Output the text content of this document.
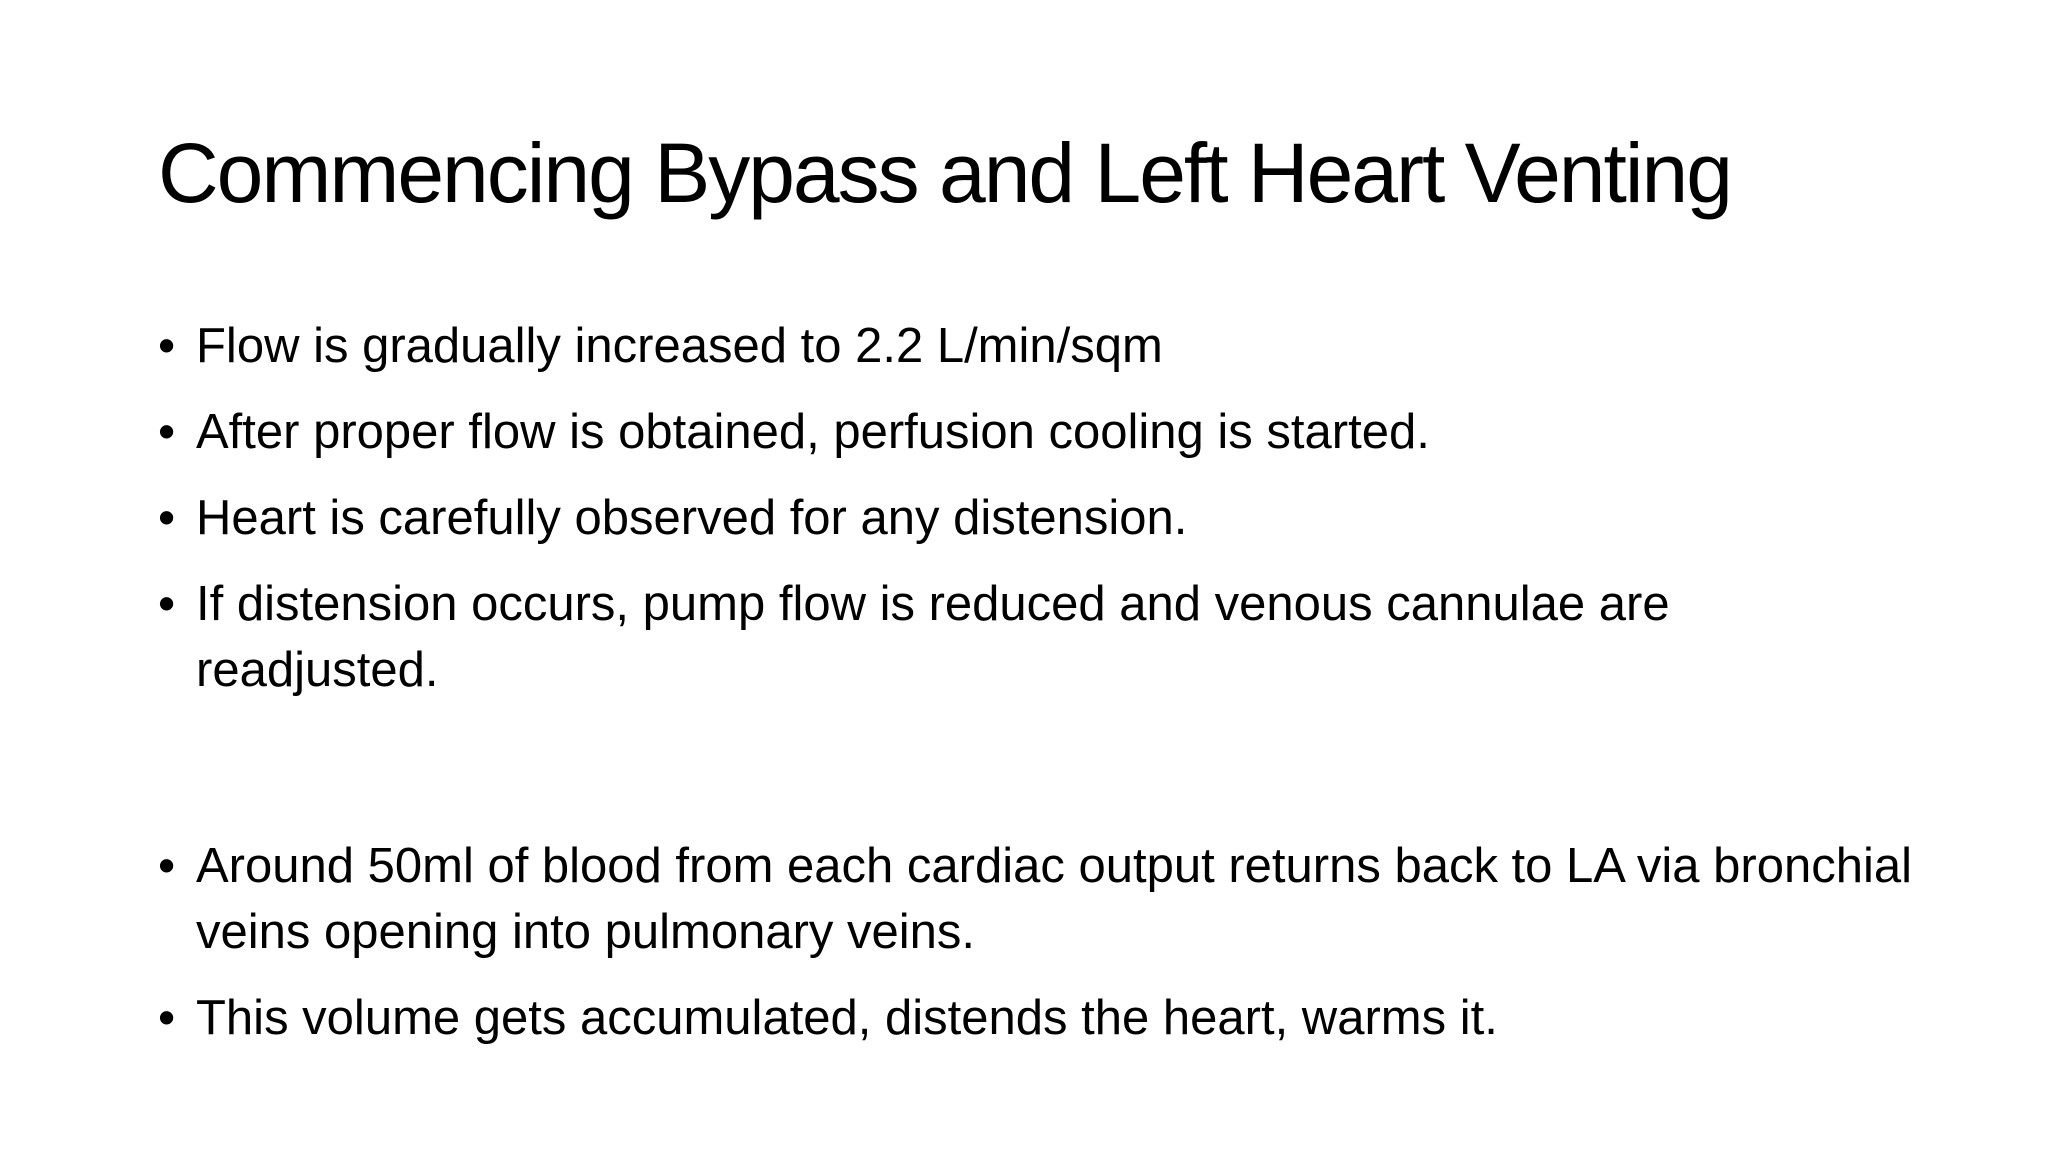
Commencing Bypass and Left Heart Venting
• Flow is gradually increased to 2.2 L/min/sqm
• After proper flow is obtained, perfusion cooling is started.
• Heart is carefully observed for any distension.
• If distension occurs, pump flow is reduced and venous cannulae are readjusted.
• Around 50ml of blood from each cardiac output returns back to LA via bronchial veins opening into pulmonary veins.
• This volume gets accumulated, distends the heart, warms it.
